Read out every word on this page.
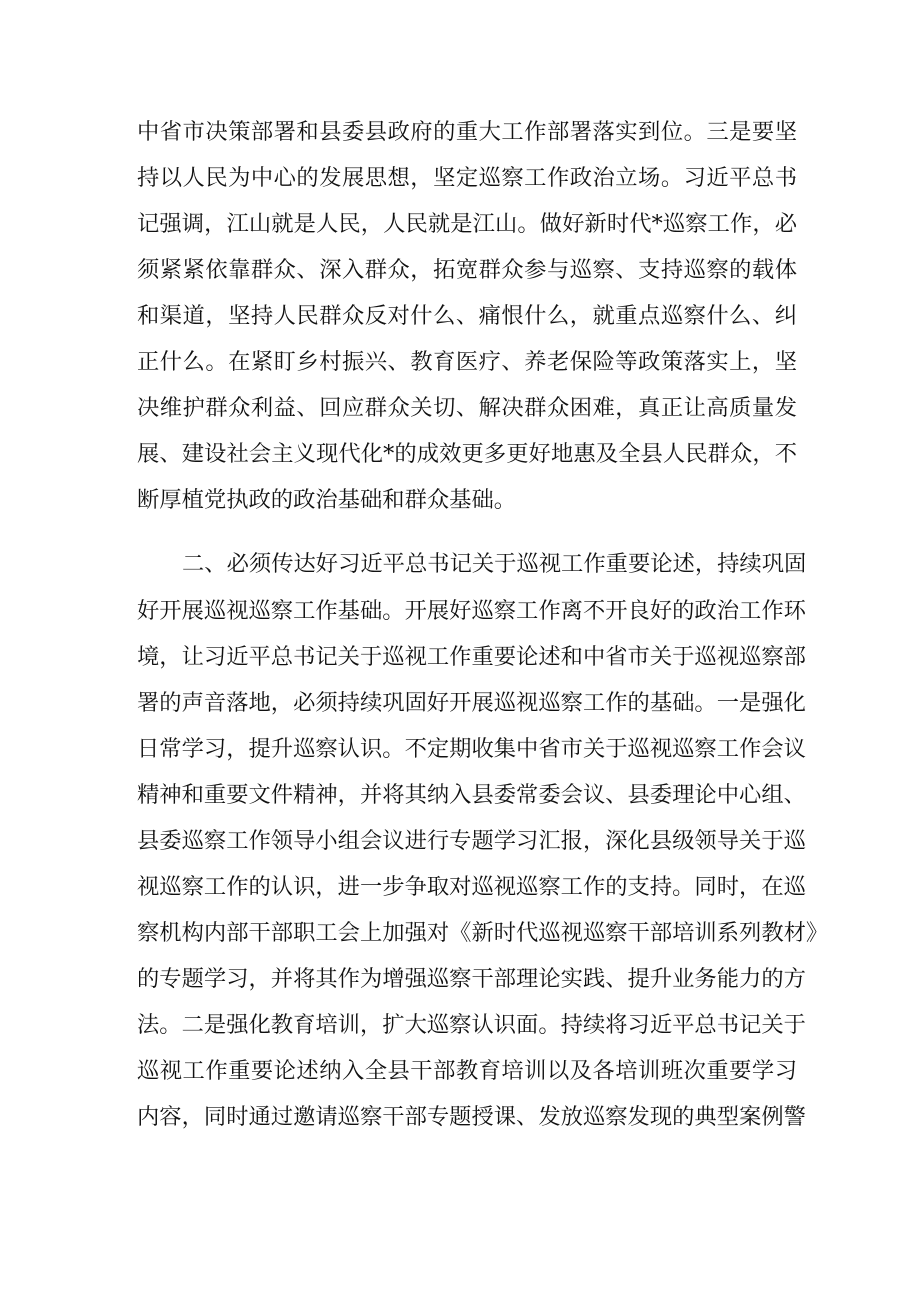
中省市决策部署和县委县政府的重大工作部署落实到位。三是要坚
持以人民为中心的发展思想，坚定巡察工作政治立场。习近平总书
记强调，江山就是人民，人民就是江山。做好新时代*巡察工作，必
须紧紧依靠群众、深入群众，拓宽群众参与巡察、支持巡察的载体
和渠道，坚持人民群众反对什么、痛恨什么，就重点巡察什么、纠
正什么。在紧盯乡村振兴、教育医疗、养老保险等政策落实上，坚
决维护群众利益、回应群众关切、解决群众困难，真正让高质量发
展、建设社会主义现代化*的成效更多更好地惠及全县人民群众，不
断厚植党执政的政治基础和群众基础。
二、必须传达好习近平总书记关于巡视工作重要论述，持续巩固
好开展巡视巡察工作基础。开展好巡察工作离不开良好的政治工作环
境，让习近平总书记关于巡视工作重要论述和中省市关于巡视巡察部
署的声音落地，必须持续巩固好开展巡视巡察工作的基础。一是强化
日常学习，提升巡察认识。不定期收集中省市关于巡视巡察工作会议
精神和重要文件精神，并将其纳入县委常委会议、县委理论中心组、
县委巡察工作领导小组会议进行专题学习汇报，深化县级领导关于巡
视巡察工作的认识，进一步争取对巡视巡察工作的支持。同时，在巡
察机构内部干部职工会上加强对《新时代巡视巡察干部培训系列教材》
的专题学习，并将其作为增强巡察干部理论实践、提升业务能力的方
法。二是强化教育培训，扩大巡察认识面。持续将习近平总书记关于
巡视工作重要论述纳入全县干部教育培训以及各培训班次重要学习
内容，同时通过邀请巡察干部专题授课、发放巡察发现的典型案例警
